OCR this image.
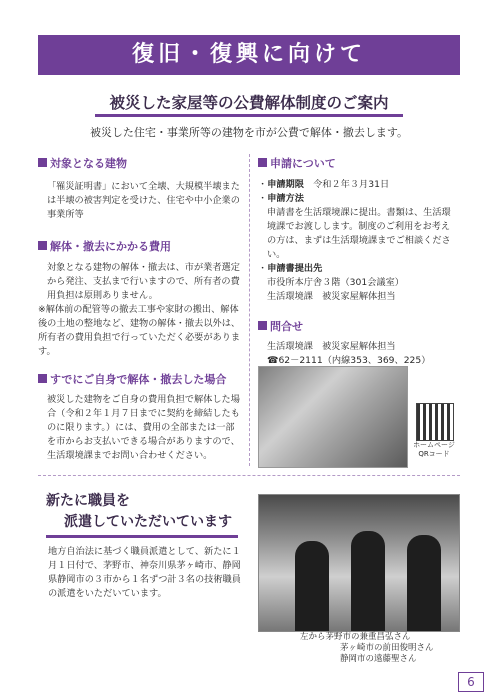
復旧・復興に向けて
被災した家屋等の公費解体制度のご案内
被災した住宅・事業所等の建物を市が公費で解体・撤去します。
対象となる建物
「罹災証明書」において全壊、大規模半壊または半壊の被害判定を受けた、住宅や中小企業の事業所等
解体・撤去にかかる費用
対象となる建物の解体・撤去は、市が業者選定から発注、支払まで行いますので、所有者の費用負担は原則ありません。
※解体前の配管等の撤去工事や家財の搬出、解体後の土地の整地など、建物の解体・撤去以外は、所有者の費用負担で行っていただく必要があります。
すでにご自身で解体・撤去した場合
被災した建物をご自身の費用負担で解体した場合（令和２年１月７日までに契約を締結したものに限ります。）には、費用の全部または一部を市からお支払いできる場合がありますので、生活環境課までお問い合わせください。
申請について
・申請期限　 令和２年３月31日
・申請方法
申請書を生活環境課に提出。書類は、生活環境課でお渡しします。制度のご利用をお考えの方は、まずは生活環境課までご相談ください。
・申請書提出先
市役所本庁舎３階（301会議室）
生活環境課　被災家屋解体担当
問合せ
生活環境課　被災家屋解体担当
☎62－2111（内線353、369、225）
ホームページ
QRコード
新たに職員を
派遣していただいています
地方自治法に基づく職員派遣として、新たに１月１日付で、茅野市、神奈川県茅ヶ崎市、静岡県静岡市の３市から１名ずつ計３名の技術職員の派遣をいただいています。
左から茅野市の兼重昌弘さん
茅ヶ崎市の前田俊明さん
静岡市の遠藤聖さん
6
